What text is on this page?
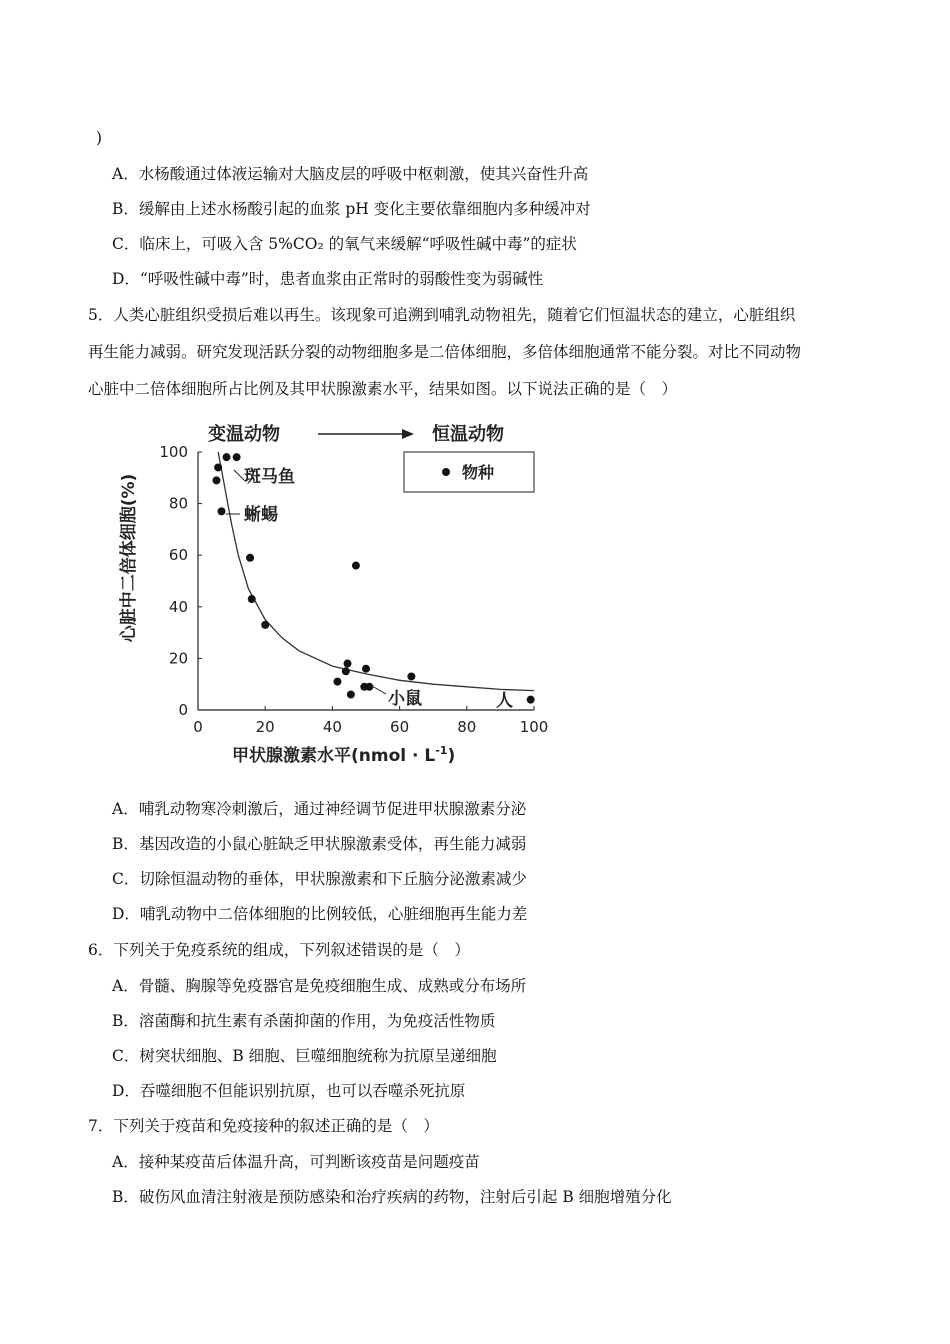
)
A．水杨酸通过体液运输对大脑皮层的呼吸中枢刺激，使其兴奋性升高
B．缓解由上述水杨酸引起的血浆 pH 变化主要依靠细胞内多种缓冲对
C．临床上，可吸入含 5%CO₂ 的氧气来缓解“呼吸性碱中毒”的症状
D．“呼吸性碱中毒”时，患者血浆由正常时的弱酸性变为弱碱性
5．人类心脏组织受损后难以再生。该现象可追溯到哺乳动物祖先，随着它们恒温状态的建立，心脏组织
再生能力减弱。研究发现活跃分裂的动物细胞多是二倍体细胞，多倍体细胞通常不能分裂。对比不同动物
心脏中二倍体细胞所占比例及其甲状腺激素水平，结果如图。以下说法正确的是（　）
变温动物	恒温动物
心脏中二倍体细胞(%)
物种
0	20	40	60	80	100
0
20
40
60
80
100
斑马鱼
蜥蜴
小鼠	人
甲状腺激素水平(nmol · $L^{-1}$)
A．哺乳动物寒冷刺激后，通过神经调节促进甲状腺激素分泌
B．基因改造的小鼠心脏缺乏甲状腺激素受体，再生能力减弱
C．切除恒温动物的垂体，甲状腺激素和下丘脑分泌激素减少
D．哺乳动物中二倍体细胞的比例较低，心脏细胞再生能力差
6．下列关于免疫系统的组成，下列叙述错误的是（　）
A．骨髓、胸腺等免疫器官是免疫细胞生成、成熟或分布场所
B．溶菌酶和抗生素有杀菌抑菌的作用，为免疫活性物质
C．树突状细胞、B 细胞、巨噬细胞统称为抗原呈递细胞
D．吞噬细胞不但能识别抗原，也可以吞噬杀死抗原
7．下列关于疫苗和免疫接种的叙述正确的是（　）
A．接种某疫苗后体温升高，可判断该疫苗是问题疫苗
B．破伤风血清注射液是预防感染和治疗疾病的药物，注射后引起 B 细胞增殖分化
